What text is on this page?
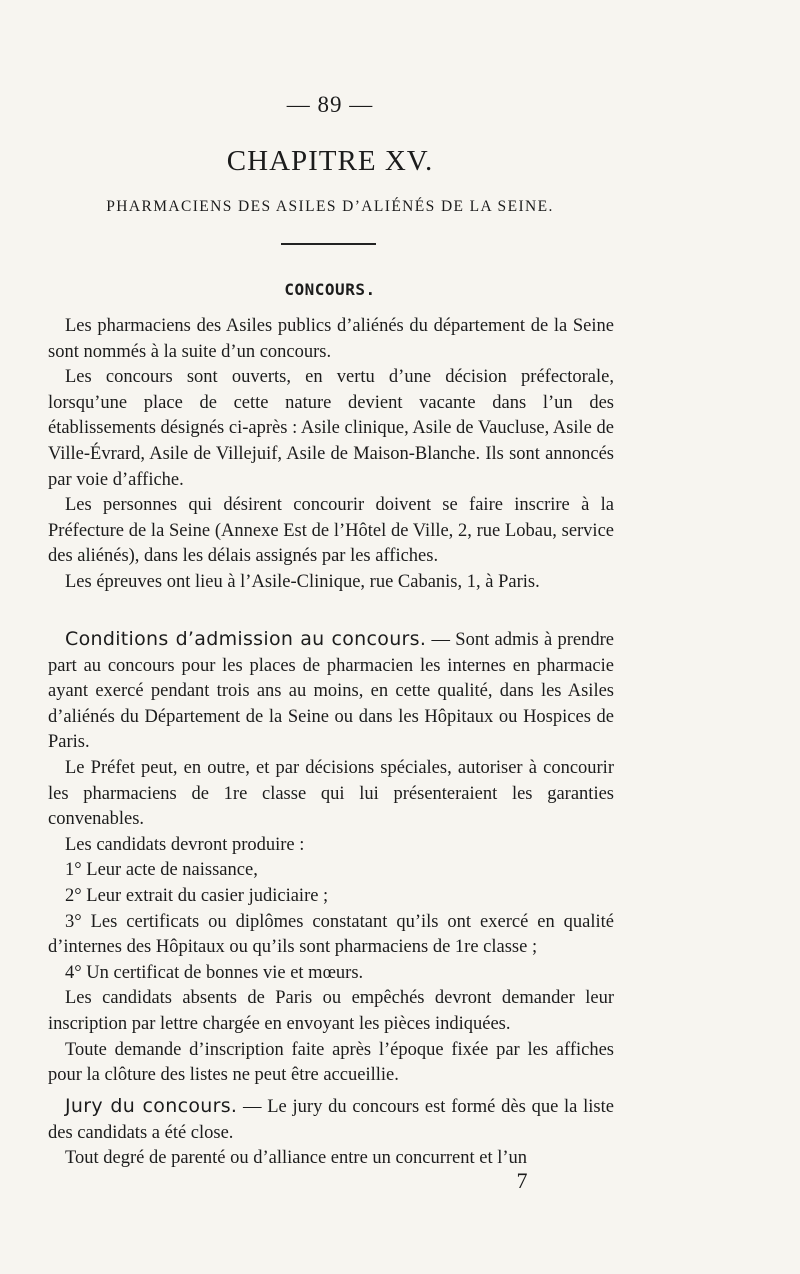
— 89 —
CHAPITRE XV.
PHARMACIENS DES ASILES D’ALIÉNÉS DE LA SEINE.
CONCOURS.

Les pharmaciens des Asiles publics d’aliénés du département de la Seine sont nommés à la suite d’un concours.

Les concours sont ouverts, en vertu d’une décision préfectorale, lorsqu’une place de cette nature devient vacante dans l’un des établissements désignés ci-après : Asile clinique, Asile de Vaucluse, Asile de Ville-Évrard, Asile de Villejuif, Asile de Maison-Blanche. Ils sont annoncés par voie d’affiche.

Les personnes qui désirent concourir doivent se faire inscrire à la Préfecture de la Seine (Annexe Est de l’Hôtel de Ville, 2, rue Lobau, service des aliénés), dans les délais assignés par les affiches.

Les épreuves ont lieu à l’Asile-Clinique, rue Cabanis, 1, à Paris.

Conditions d’admission au concours. — Sont admis à prendre part au concours pour les places de pharmacien les internes en pharmacie ayant exercé pendant trois ans au moins, en cette qualité, dans les Asiles d’aliénés du Département de la Seine ou dans les Hôpitaux ou Hospices de Paris.

Le Préfet peut, en outre, et par décisions spéciales, autoriser à concourir les pharmaciens de 1re classe qui lui présenteraient les garanties convenables.

Les candidats devront produire :

1° Leur acte de naissance,

2° Leur extrait du casier judiciaire ;

3° Les certificats ou diplômes constatant qu’ils ont exercé en qualité d’internes des Hôpitaux ou qu’ils sont pharmaciens de 1re classe ;

4° Un certificat de bonnes vie et mœurs.

Les candidats absents de Paris ou empêchés devront demander leur inscription par lettre chargée en envoyant les pièces indiquées.

Toute demande d’inscription faite après l’époque fixée par les affiches pour la clôture des listes ne peut être accueillie.

Jury du concours. — Le jury du concours est formé dès que la liste des candidats a été close.

Tout degré de parenté ou d’alliance entre un concurrent et l’un

7
